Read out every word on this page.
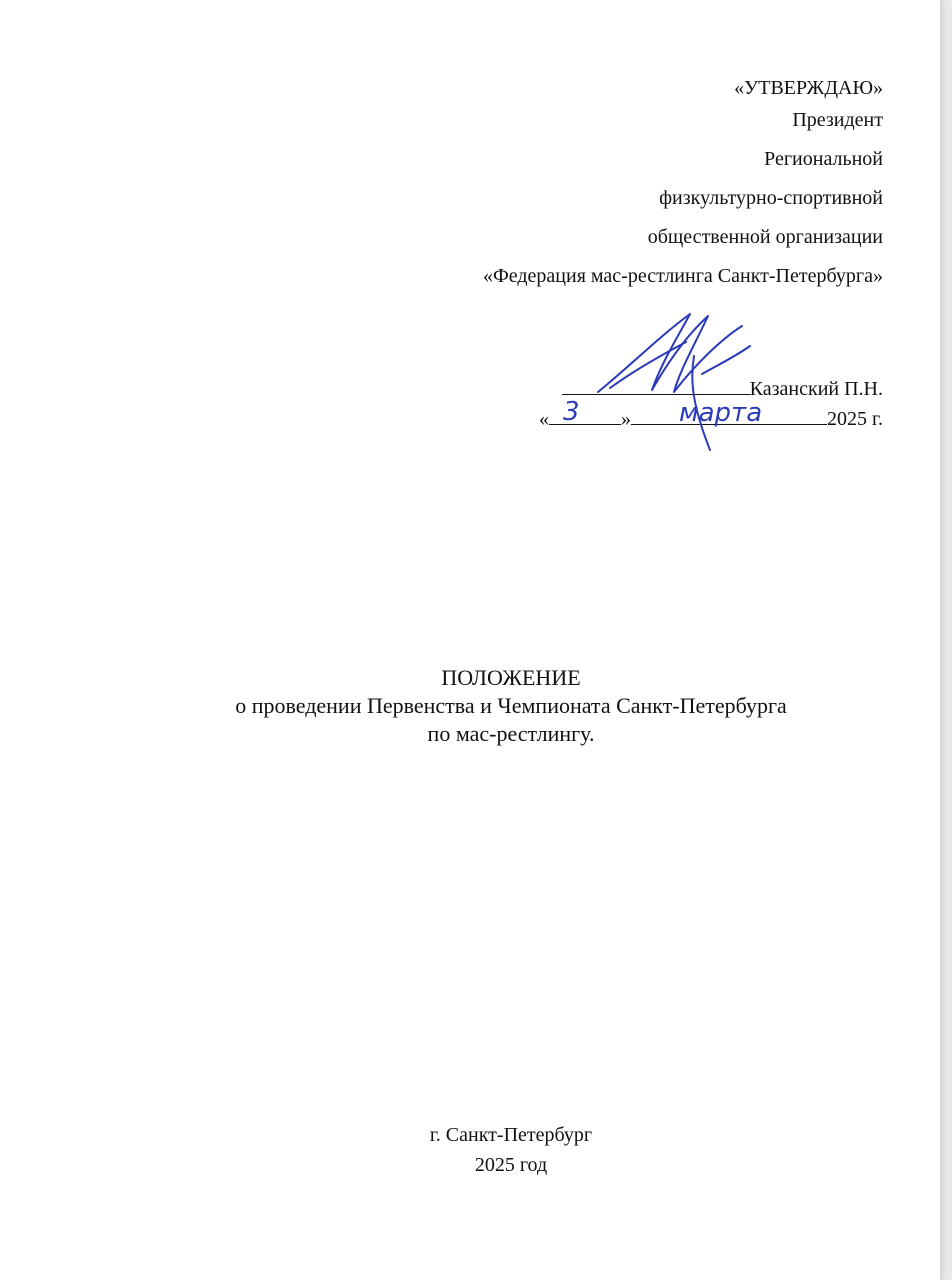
«УТВЕРЖДАЮ»
Президент
Региональной
физкультурно-спортивной
общественной организации
«Федерация мас-рестлинга Санкт-Петербурга»
Казанский П.Н.
«	»	2025 г.
3	марта
ПОЛОЖЕНИЕ
о проведении Первенства и Чемпионата Санкт-Петербурга
по мас-рестлингу.
г. Санкт-Петербург
2025 год
